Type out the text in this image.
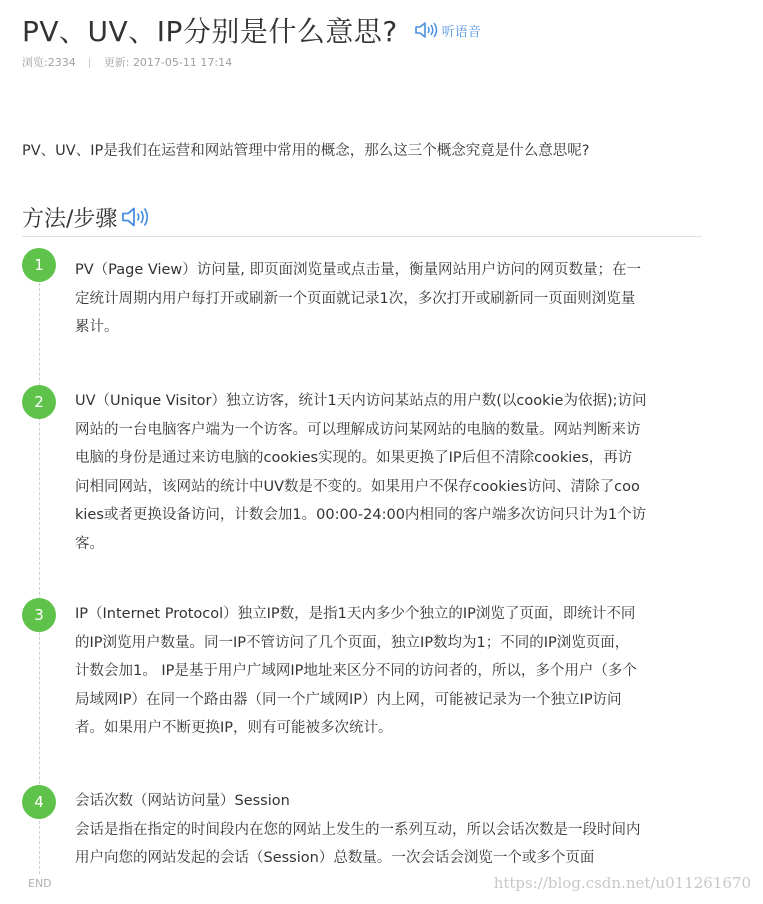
PV、UV、IP分别是什么意思?	听语音
浏览:2334	更新: 2017-05-11 17:14

PV、UV、IP是我们在运营和网站管理中常用的概念，那么这三个概念究竟是什么意思呢?

方法/步骤
1	PV（Page View）访问量, 即页面浏览量或点击量，衡量网站用户访问的网页数量；在一
定统计周期内用户每打开或刷新一个页面就记录1次，多次打开或刷新同一页面则浏览量
累计。
2	UV（Unique Visitor）独立访客，统计1天内访问某站点的用户数(以cookie为依据);访问
网站的一台电脑客户端为一个访客。可以理解成访问某网站的电脑的数量。网站判断来访
电脑的身份是通过来访电脑的cookies实现的。如果更换了IP后但不清除cookies，再访
问相同网站，该网站的统计中UV数是不变的。如果用户不保存cookies访问、清除了coo
kies或者更换设备访问，计数会加1。00:00-24:00内相同的客户端多次访问只计为1个访
客。
3	IP（Internet Protocol）独立IP数，是指1天内多少个独立的IP浏览了页面，即统计不同
的IP浏览用户数量。同一IP不管访问了几个页面，独立IP数均为1；不同的IP浏览页面，
计数会加1。 IP是基于用户广域网IP地址来区分不同的访问者的，所以，多个用户（多个
局域网IP）在同一个路由器（同一个广域网IP）内上网，可能被记录为一个独立IP访问
者。如果用户不断更换IP，则有可能被多次统计。
4	会话次数（网站访问量）Session
会话是指在指定的时间段内在您的网站上发生的一系列互动，所以会话次数是一段时间内
用户向您的网站发起的会话（Session）总数量。一次会话会浏览一个或多个页面
END	https://blog.csdn.net/u011261670
